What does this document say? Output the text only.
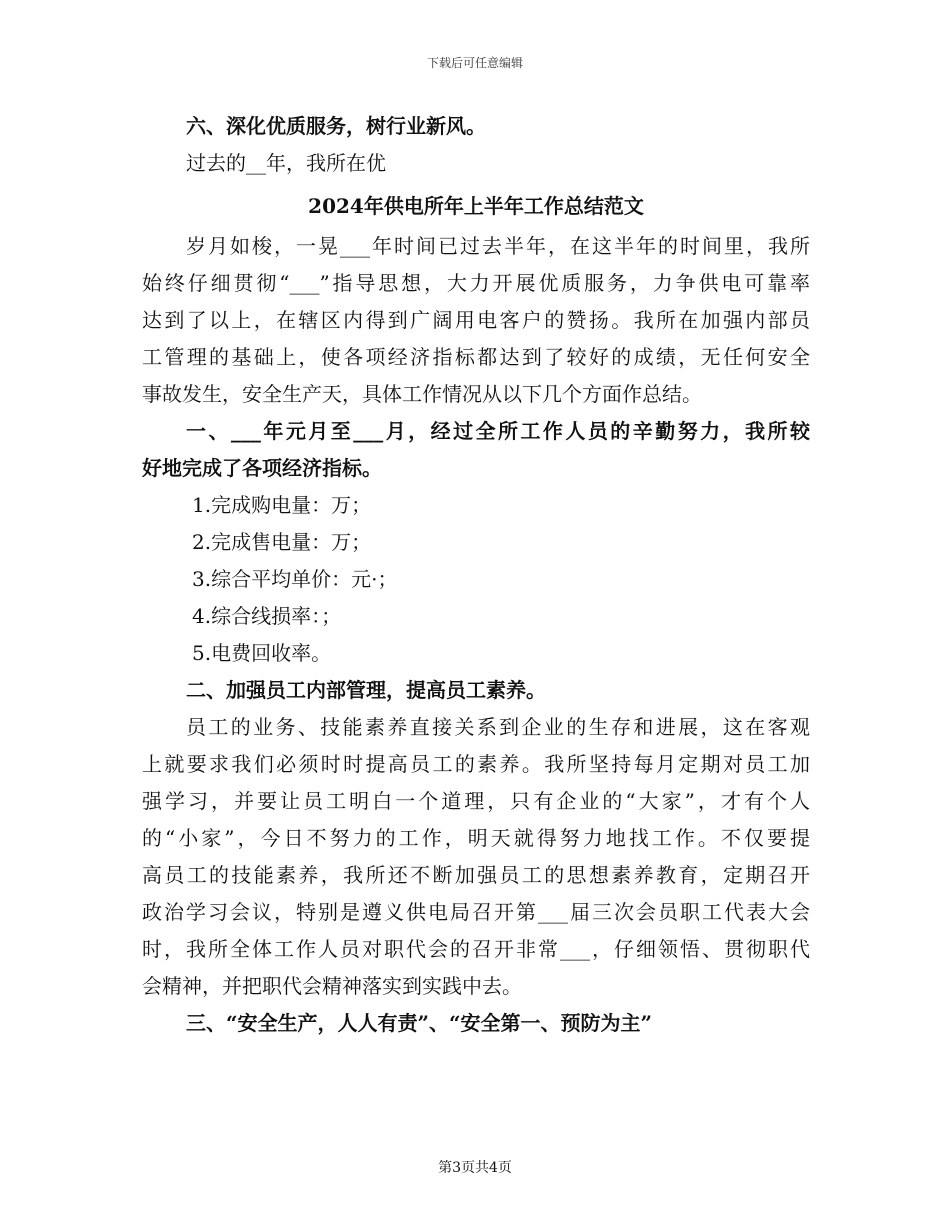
下载后可任意编辑
六、深化优质服务，树行业新风。
过去的__年，我所在优
2024年供电所年上半年工作总结范文
岁月如梭，一晃___年时间已过去半年，在这半年的时间里，我所
始终仔细贯彻“___”指导思想，大力开展优质服务，力争供电可靠率
达到了以上，在辖区内得到广阔用电客户的赞扬。我所在加强内部员
工管理的基础上，使各项经济指标都达到了较好的成绩，无任何安全
事故发生，安全生产天，具体工作情况从以下几个方面作总结。
一、___年元月至___月，经过全所工作人员的辛勤努力，我所较
好地完成了各项经济指标。
1.完成购电量：万；
2.完成售电量：万；
3.综合平均单价：元·；
4.综合线损率：；
5.电费回收率。
二、加强员工内部管理，提高员工素养。
员工的业务、技能素养直接关系到企业的生存和进展，这在客观
上就要求我们必须时时提高员工的素养。我所坚持每月定期对员工加
强学习，并要让员工明白一个道理，只有企业的“大家”，才有个人
的“小家”，今日不努力的工作，明天就得努力地找工作。不仅要提
高员工的技能素养，我所还不断加强员工的思想素养教育，定期召开
政治学习会议，特别是遵义供电局召开第___届三次会员职工代表大会
时，我所全体工作人员对职代会的召开非常___，仔细领悟、贯彻职代
会精神，并把职代会精神落实到实践中去。
三、“安全生产，人人有责”、“安全第一、预防为主”
第3页共4页
